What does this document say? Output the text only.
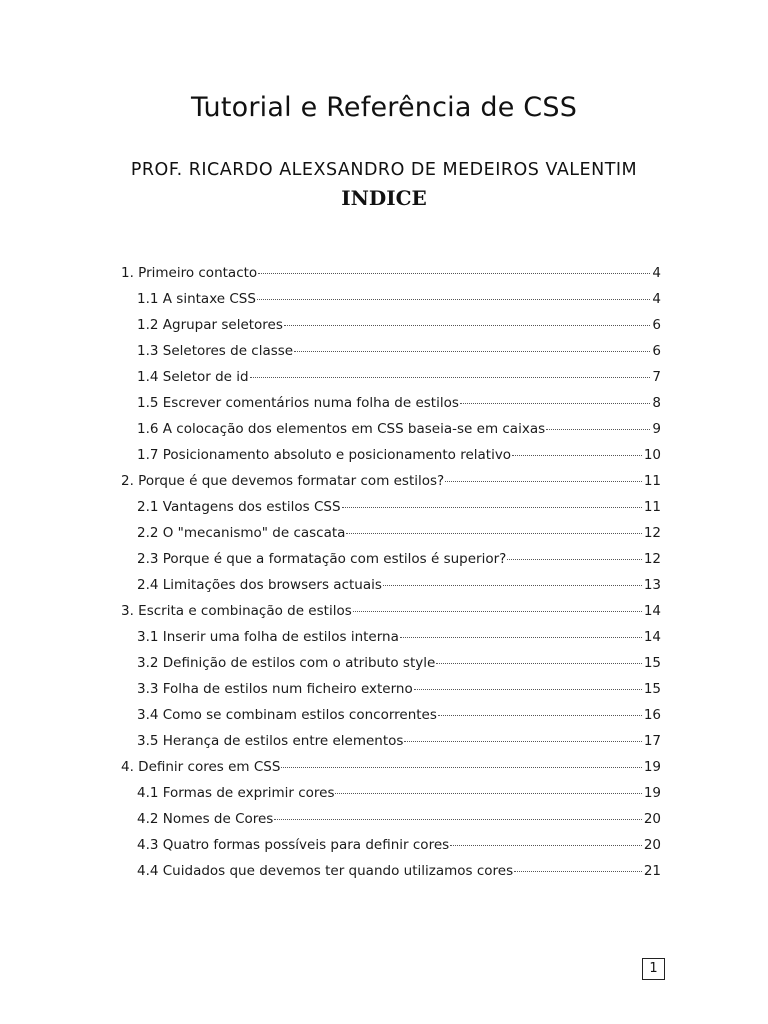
Tutorial e Referência de CSS
PROF. RICARDO ALEXSANDRO DE MEDEIROS VALENTIM
INDICE
1. Primeiro contacto	4
1.1 A sintaxe CSS	4
1.2 Agrupar seletores	6
1.3 Seletores de classe	6
1.4 Seletor de id	7
1.5 Escrever comentários numa folha de estilos	8
1.6 A colocação dos elementos em CSS baseia-se em caixas	9
1.7 Posicionamento absoluto e posicionamento relativo	10
2. Porque é que devemos formatar com estilos?	11
2.1 Vantagens dos estilos CSS	11
2.2 O "mecanismo" de cascata	12
2.3 Porque é que a formatação com estilos é superior?	12
2.4 Limitações dos browsers actuais	13
3. Escrita e combinação de estilos	14
3.1 Inserir uma folha de estilos interna	14
3.2 Definição de estilos com o atributo style	15
3.3 Folha de estilos num ficheiro externo	15
3.4 Como se combinam estilos concorrentes	16
3.5 Herança de estilos entre elementos	17
4. Definir cores em CSS	19
4.1 Formas de exprimir cores	19
4.2 Nomes de Cores	20
4.3 Quatro formas possíveis para definir cores	20
4.4 Cuidados que devemos ter quando utilizamos cores	21
1
